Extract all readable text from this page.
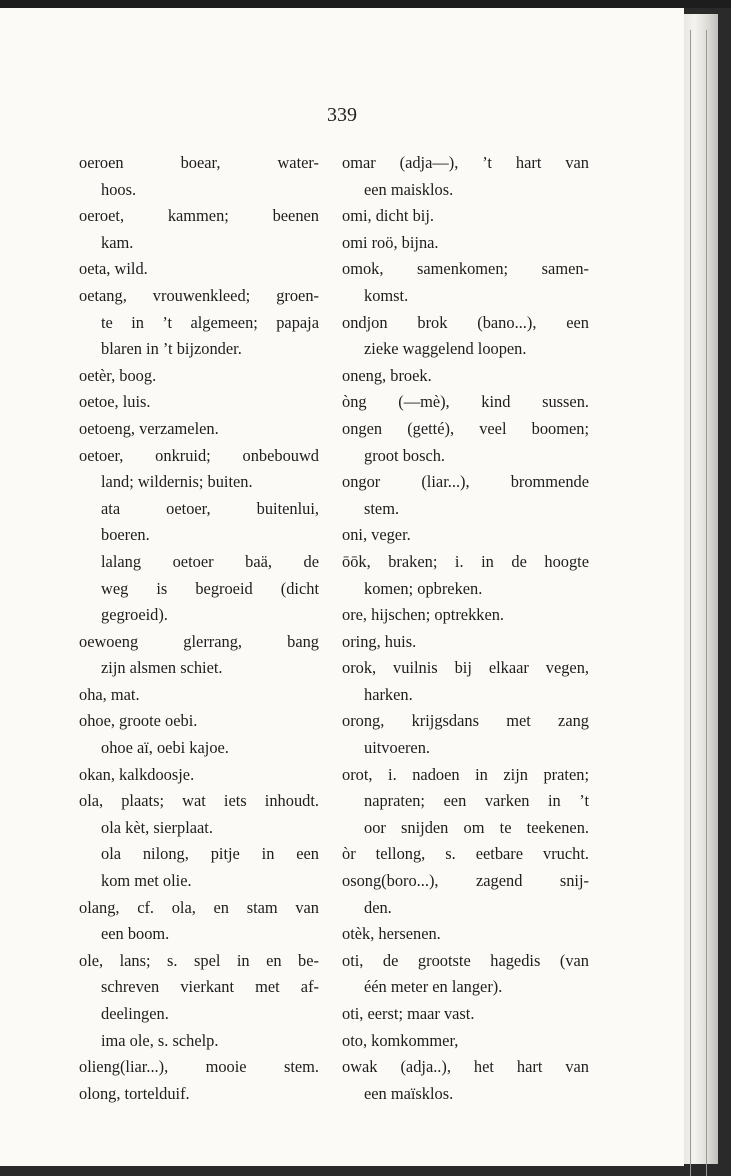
339
oeroen boear, water-
hoos.
oeroet, kammen; beenen
kam.
oeta, wild.
oetang, vrouwenkleed; groen-
te in ’t algemeen; papaja
blaren in ’t bijzonder.
oetèr, boog.
oetoe, luis.
oetoeng, verzamelen.
oetoer, onkruid; onbebouwd
land; wildernis; buiten.
ata oetoer, buitenlui,
boeren.
lalang oetoer baä, de
weg is begroeid (dicht
gegroeid).
oewoeng glerrang, bang
zijn alsmen schiet.
oha, mat.
ohoe, groote oebi.
ohoe aï, oebi kajoe.
okan, kalkdoosje.
ola, plaats; wat iets inhoudt.
ola kèt, sierplaat.
ola nilong, pitje in een
kom met olie.
olang, cf. ola, en stam van
een boom.
ole, lans; s. spel in en be-
schreven vierkant met af-
deelingen.
ima ole, s. schelp.
olieng(liar...), mooie stem.
olong, tortelduif.
omar (adja—), ’t hart van
een maisklos.
omi, dicht bij.
omi roö, bijna.
omok, samenkomen; samen-
komst.
ondjon brok (bano...), een
zieke waggelend loopen.
oneng, broek.
òng (—mè), kind sussen.
ongen (getté), veel boomen;
groot bosch.
ongor (liar...), brommende
stem.
oni, veger.
ōōk, braken; i. in de hoogte
komen; opbreken.
ore, hijschen; optrekken.
oring, huis.
orok, vuilnis bij elkaar vegen,
harken.
orong, krijgsdans met zang
uitvoeren.
orot, i. nadoen in zijn praten;
napraten; een varken in ’t
oor snijden om te teekenen.
òr tellong, s. eetbare vrucht.
osong(boro...), zagend snij-
den.
otèk, hersenen.
oti, de grootste hagedis (van
één meter en langer).
oti, eerst; maar vast.
oto, komkommer,
owak (adja..), het hart van
een maïsklos.
